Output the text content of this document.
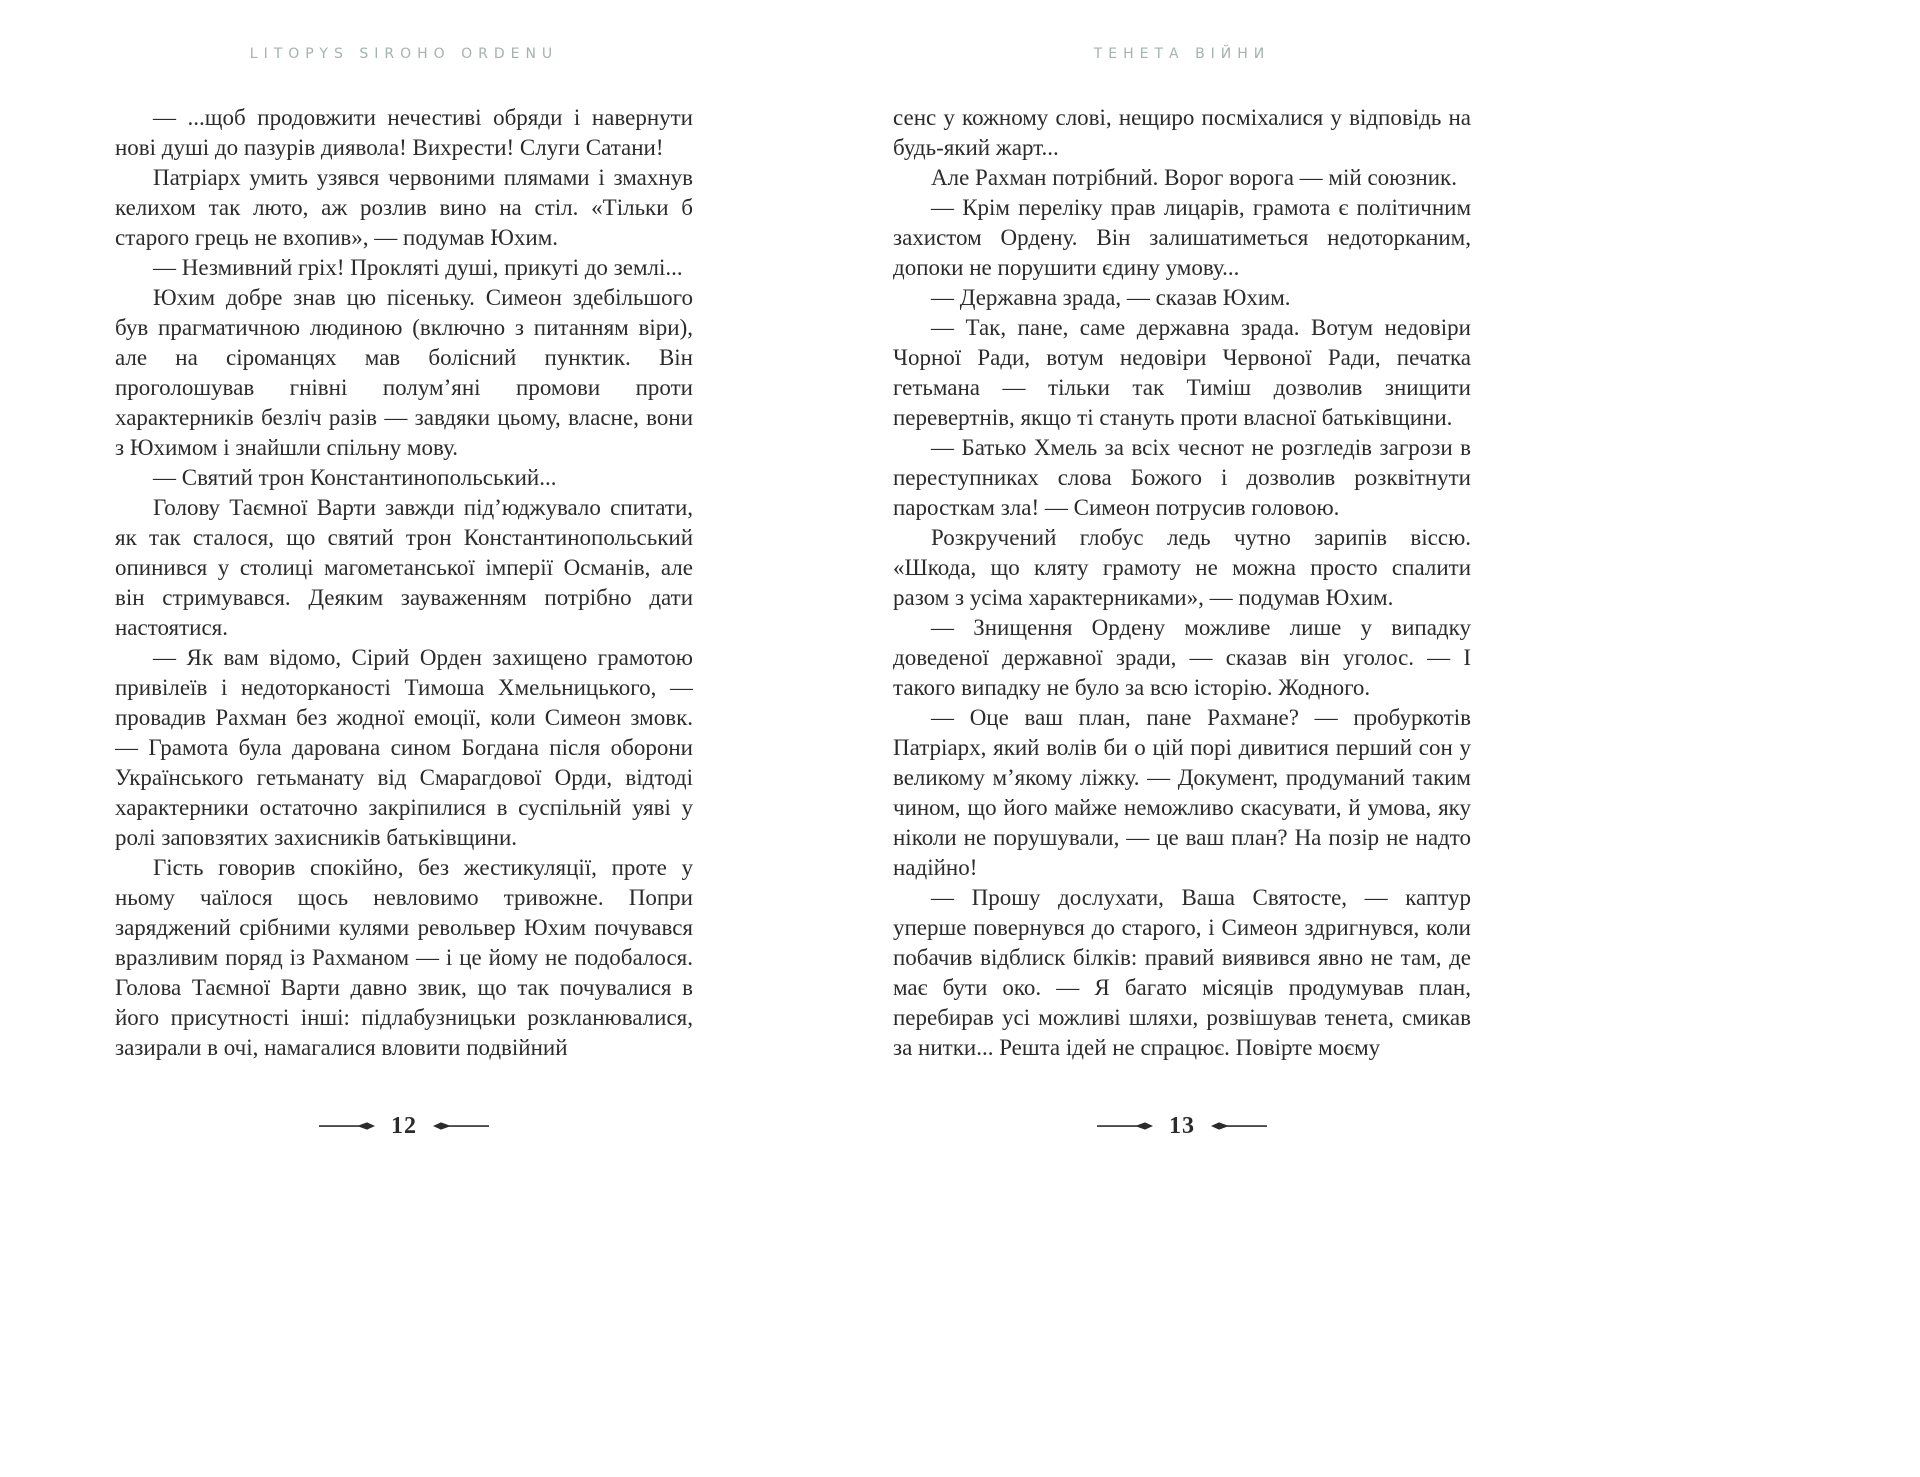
LITOPYS SIROHO ORDENU	ТЕНЕТА ВІЙНИ

— ...щоб продовжити нечестиві обряди і навернути нові душі до пазурів диявола! Вихрести! Слуги Сатани!

Патріарх умить узявся червоними плямами і змахнув келихом так люто, аж розлив вино на стіл. «Тільки б старого грець не вхопив», — подумав Юхим.

— Незмивний гріх! Прокляті душі, прикуті до землі...

Юхим добре знав цю пісеньку. Симеон здебільшого був прагматичною людиною (включно з питанням віри), але на сіроманцях мав болісний пунктик. Він проголошував гнівні полум’яні промови проти характерників безліч разів — завдяки цьому, власне, вони з Юхимом і знайшли спільну мову.

— Святий трон Константинопольський...

Голову Таємної Варти завжди під’юджувало спитати, як так сталося, що святий трон Константинопольський опинився у столиці магометанської імперії Османів, але він стримувався. Деяким зауваженням потрібно дати настоятися.

— Як вам відомо, Сірий Орден захищено грамотою привілеїв і недоторканості Тимоша Хмельницького, — провадив Рахман без жодної емоції, коли Симеон змовк. — Грамота була дарована сином Богдана після оборони Українського гетьманату від Смарагдової Орди, відтоді характерники остаточно закріпилися в суспільній уяві у ролі заповзятих захисників батьківщини.

Гість говорив спокійно, без жестикуляції, проте у ньому чаїлося щось невловимо тривожне. Попри заряджений срібними кулями револьвер Юхим почувався вразливим поряд із Рахманом — і це йому не подобалося. Голова Таємної Варти давно звик, що так почувалися в його присутності інші: підлабузницьки розкланювалися, зазирали в очі, намагалися вловити подвійний

сенс у кожному слові, нещиро посміхалися у відповідь на будь-який жарт...

Але Рахман потрібний. Ворог ворога — мій союзник.

— Крім переліку прав лицарів, грамота є політичним захистом Ордену. Він залишатиметься недоторканим, допоки не порушити єдину умову...

— Державна зрада, — сказав Юхим.

— Так, пане, саме державна зрада. Вотум недовіри Чорної Ради, вотум недовіри Червоної Ради, печатка гетьмана — тільки так Тиміш дозволив знищити перевертнів, якщо ті стануть проти власної батьківщини.

— Батько Хмель за всіх чеснот не розгледів загрози в переступниках слова Божого і дозволив розквітнути паросткам зла! — Симеон потрусив головою.

Розкручений глобус ледь чутно зарипів віссю. «Шкода, що кляту грамоту не можна просто спалити разом з усіма характерниками», — подумав Юхим.

— Знищення Ордену можливе лише у випадку доведеної державної зради, — сказав він уголос. — І такого випадку не було за всю історію. Жодного.

— Оце ваш план, пане Рахмане? — пробуркотів Патріарх, який волів би о цій порі дивитися перший сон у великому м’якому ліжку. — Документ, продуманий таким чином, що його майже неможливо скасувати, й умова, яку ніколи не порушували, — це ваш план? На позір не надто надійно!

— Прошу дослухати, Ваша Святосте, — каптур уперше повернувся до старого, і Симеон здригнувся, коли побачив відблиск білків: правий виявився явно не там, де має бути око. — Я багато місяців продумував план, перебирав усі можливі шляхи, розвішував тенета, смикав за нитки... Решта ідей не спрацює. Повірте моєму

12	13
